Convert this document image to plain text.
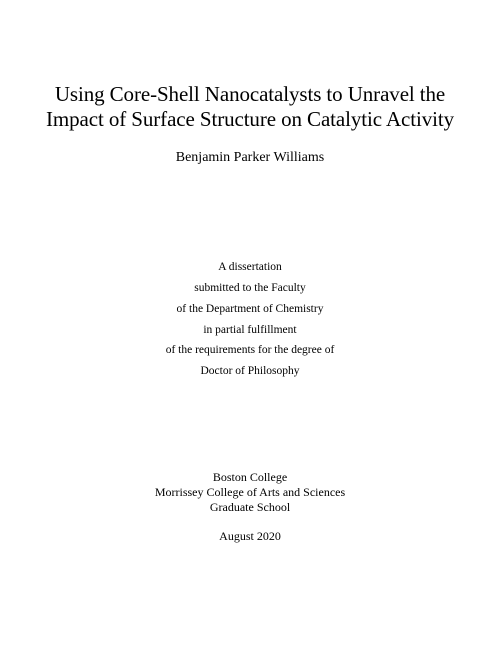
Using Core-Shell Nanocatalysts to Unravel the
Impact of Surface Structure on Catalytic Activity
Benjamin Parker Williams
A dissertation
submitted to the Faculty
of the Department of Chemistry
in partial fulfillment
of the requirements for the degree of
Doctor of Philosophy
Boston College
Morrissey College of Arts and Sciences
Graduate School
August 2020
